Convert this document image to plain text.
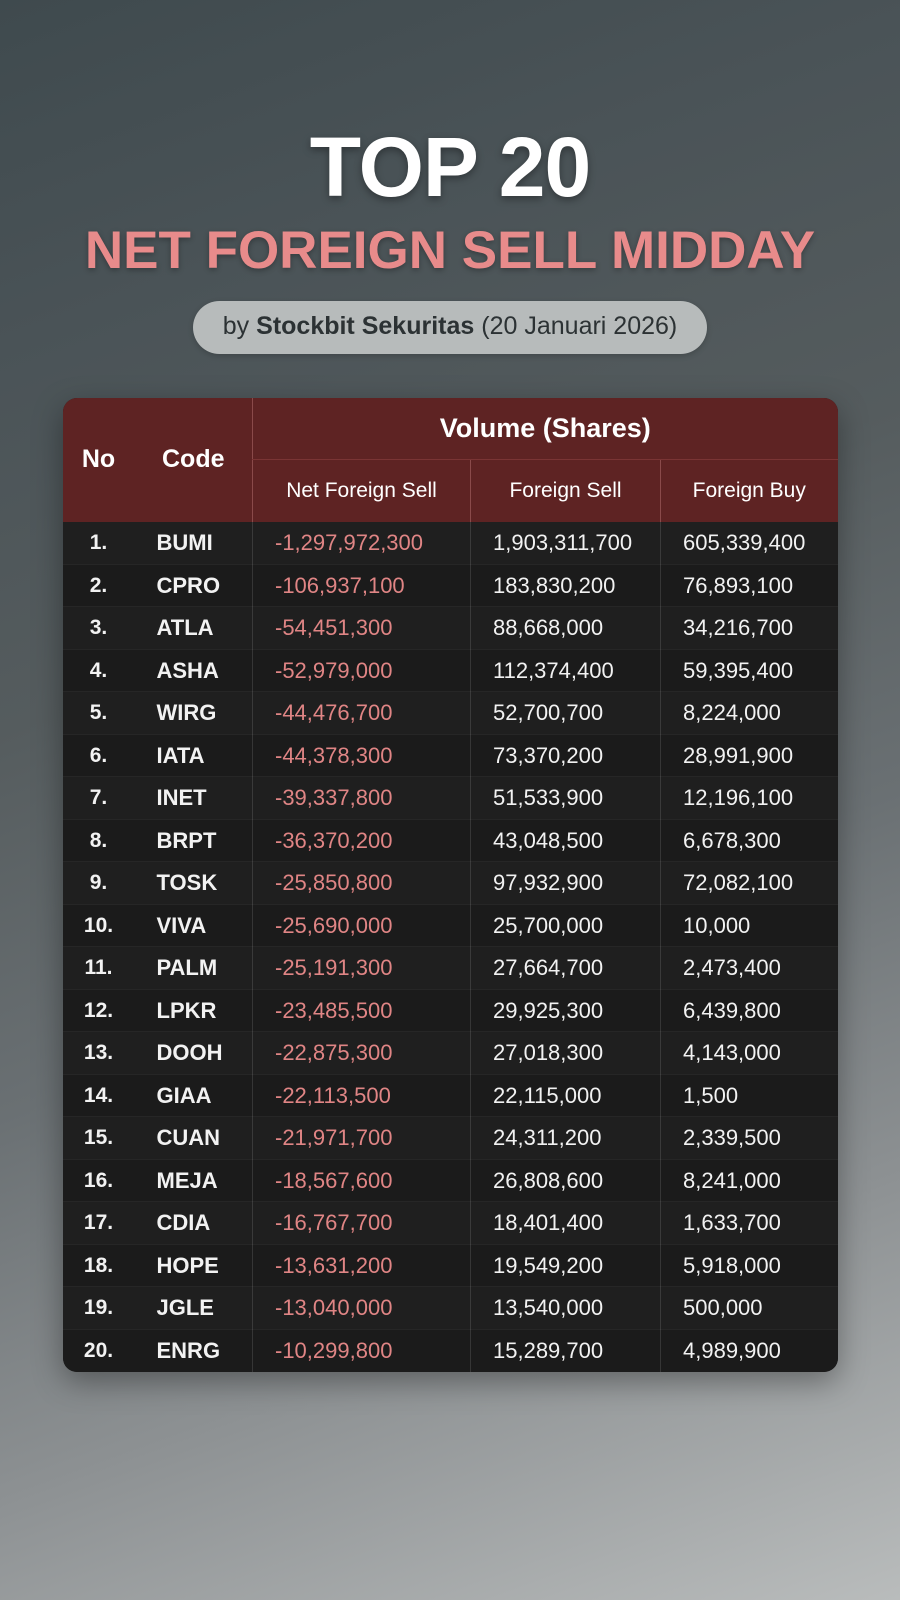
TOP 20
NET FOREIGN SELL MIDDAY
by Stockbit Sekuritas (20 Januari 2026)
No	Code	Volume (Shares)		
		Net Foreign Sell	Foreign Sell	Foreign Buy
1.	BUMI	-1,297,972,300	1,903,311,700	605,339,400
2.	CPRO	-106,937,100	183,830,200	76,893,100
3.	ATLA	-54,451,300	88,668,000	34,216,700
4.	ASHA	-52,979,000	112,374,400	59,395,400
5.	WIRG	-44,476,700	52,700,700	8,224,000
6.	IATA	-44,378,300	73,370,200	28,991,900
7.	INET	-39,337,800	51,533,900	12,196,100
8.	BRPT	-36,370,200	43,048,500	6,678,300
9.	TOSK	-25,850,800	97,932,900	72,082,100
10.	VIVA	-25,690,000	25,700,000	10,000
11.	PALM	-25,191,300	27,664,700	2,473,400
12.	LPKR	-23,485,500	29,925,300	6,439,800
13.	DOOH	-22,875,300	27,018,300	4,143,000
14.	GIAA	-22,113,500	22,115,000	1,500
15.	CUAN	-21,971,700	24,311,200	2,339,500
16.	MEJA	-18,567,600	26,808,600	8,241,000
17.	CDIA	-16,767,700	18,401,400	1,633,700
18.	HOPE	-13,631,200	19,549,200	5,918,000
19.	JGLE	-13,040,000	13,540,000	500,000
20.	ENRG	-10,299,800	15,289,700	4,989,900
